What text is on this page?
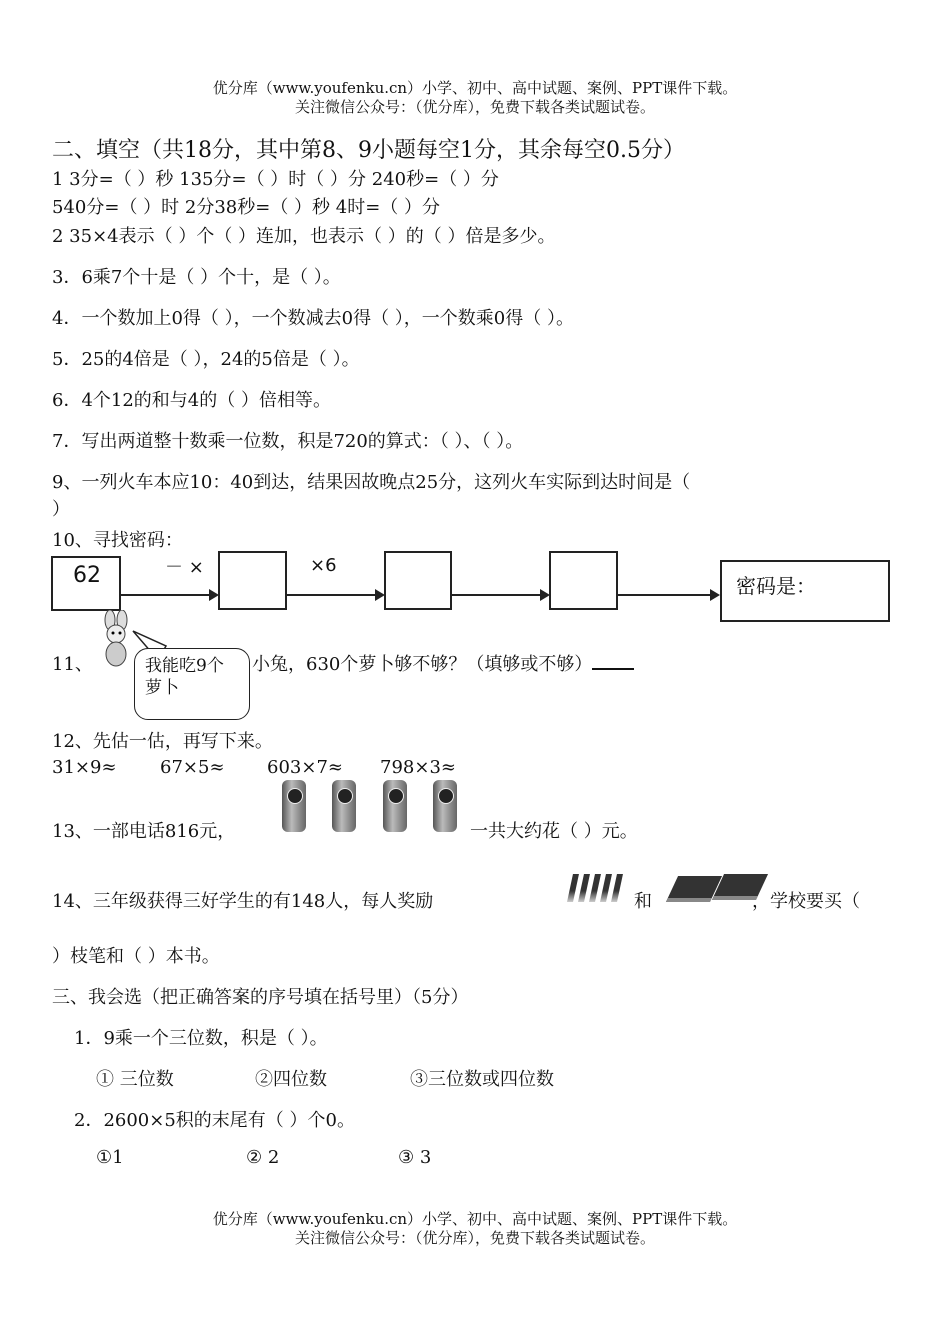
优分库（www.youfenku.cn）小学、初中、高中试题、案例、PPT课件下载。
关注微信公众号：（优分库），免费下载各类试题试卷。
二、填空（共18分，其中第8、9小题每空1分，其余每空0.5分）
1 3分=（ ）秒 135分=（ ）时（ ）分 240秒=（ ）分
540分=（ ）时 2分38秒=（ ）秒 4时=（ ）分
2 35×4表示（ ）个（ ）连加，也表示（ ）的（ ）倍是多少。
3．6乘7个十是（ ）个十，是（ ）。
4．一个数加上0得（ ），一个数减去0得（ ），一个数乘0得（ ）。
5．25的4倍是（ ），24的5倍是（ ）。
6．4个12的和与4的（ ）倍相等。
7．写出两道整十数乘一位数，积是720的算式：（ ）、（ ）。
9、一列火车本应10：40到达，结果因故晚点25分，这列火车实际到达时间是（
）
10、寻找密码：
62	－ ×	×6
密码是：
11、	我能吃9个萝卜
小兔，630个萝卜够不够？（填够或不够）
12、先估一估，再写下来。
31×9≈ 67×5≈ 603×7≈ 798×3≈
13、一部电话816元，	一共大约花（ ）元。
14、三年级获得三好学生的有148人，每人奖励	和	，学校要买（
）枝笔和（ ）本书。
三、我会选（把正确答案的序号填在括号里）（5分）
1．9乘一个三位数，积是（ ）。
① 三位数	②四位数	③三位数或四位数
2．2600×5积的末尾有（ ）个0。
①1	② 2	③ 3
优分库（www.youfenku.cn）小学、初中、高中试题、案例、PPT课件下载。
关注微信公众号：（优分库），免费下载各类试题试卷。
